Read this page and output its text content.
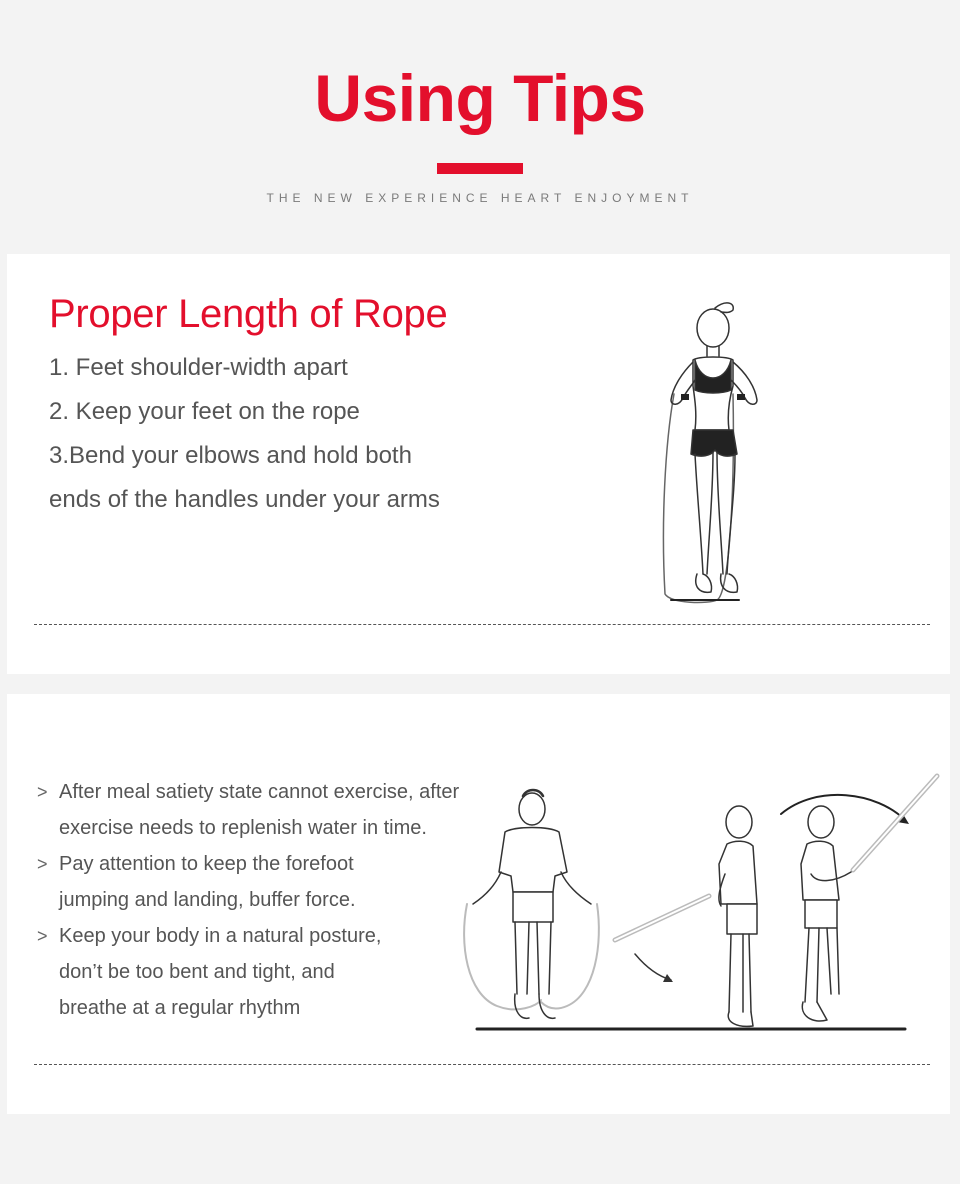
Using Tips
THE NEW EXPERIENCE HEART ENJOYMENT
Proper Length of Rope
1. Feet shoulder-width apart
2. Keep your feet on the rope
3.Bend your elbows and hold both
ends of the handles under your arms
> After meal satiety state cannot exercise, after
exercise needs to replenish water in time.
> Pay attention to keep the forefoot
jumping and landing, buffer force.
> Keep your body in a natural posture,
don’t be too bent and tight, and
breathe at a regular rhythm
